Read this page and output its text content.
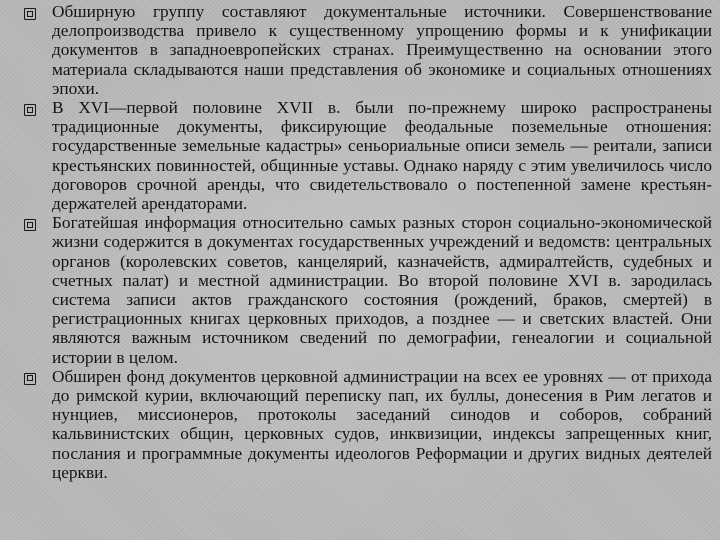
Обширную группу составляют документальные источники. Совершенствование делопроизводства привело к существенному упрощению формы и к унификации документов в западноевропейских странах. Преимущественно на основании этого материала складываются наши представления об экономике и социальных отношениях эпохи.
В XVI—первой половине XVII в. были по-прежнему широко распространены традиционные документы, фиксирующие феодальные поземельные отношения: государственные земельные кадастры» сеньориальные описи земель — реитали, записи крестьянских повинностей, общинные уставы. Однако наряду с этим увеличилось число договоров срочной аренды, что свидетельствовало о постепенной замене крестьян-держателей арендаторами.
Богатейшая информация относительно самых разных сторон социально-экономической жизни содержится в документах государственных учреждений и ведомств: центральных органов (королевских советов, канцелярий, казначейств, адмиралтейств, судебных и счетных палат) и местной администрации. Во второй половине XVI в. зародилась система записи актов гражданского состояния (рождений, браков, смертей) в регистрационных книгах церковных приходов, а позднее — и светских властей. Они являются важным источником сведений по демографии, генеалогии и социальной истории в целом.
Обширен фонд документов церковной администрации на всех ее уровнях — от прихода до римской курии, включающий переписку пап, их буллы, донесения в Рим легатов и нунциев, миссионеров, протоколы заседаний синодов и соборов, собраний кальвинистских общин, церковных судов, инквизиции, индексы запрещенных книг, послания и программные документы идеологов Реформации и других видных деятелей церкви.
